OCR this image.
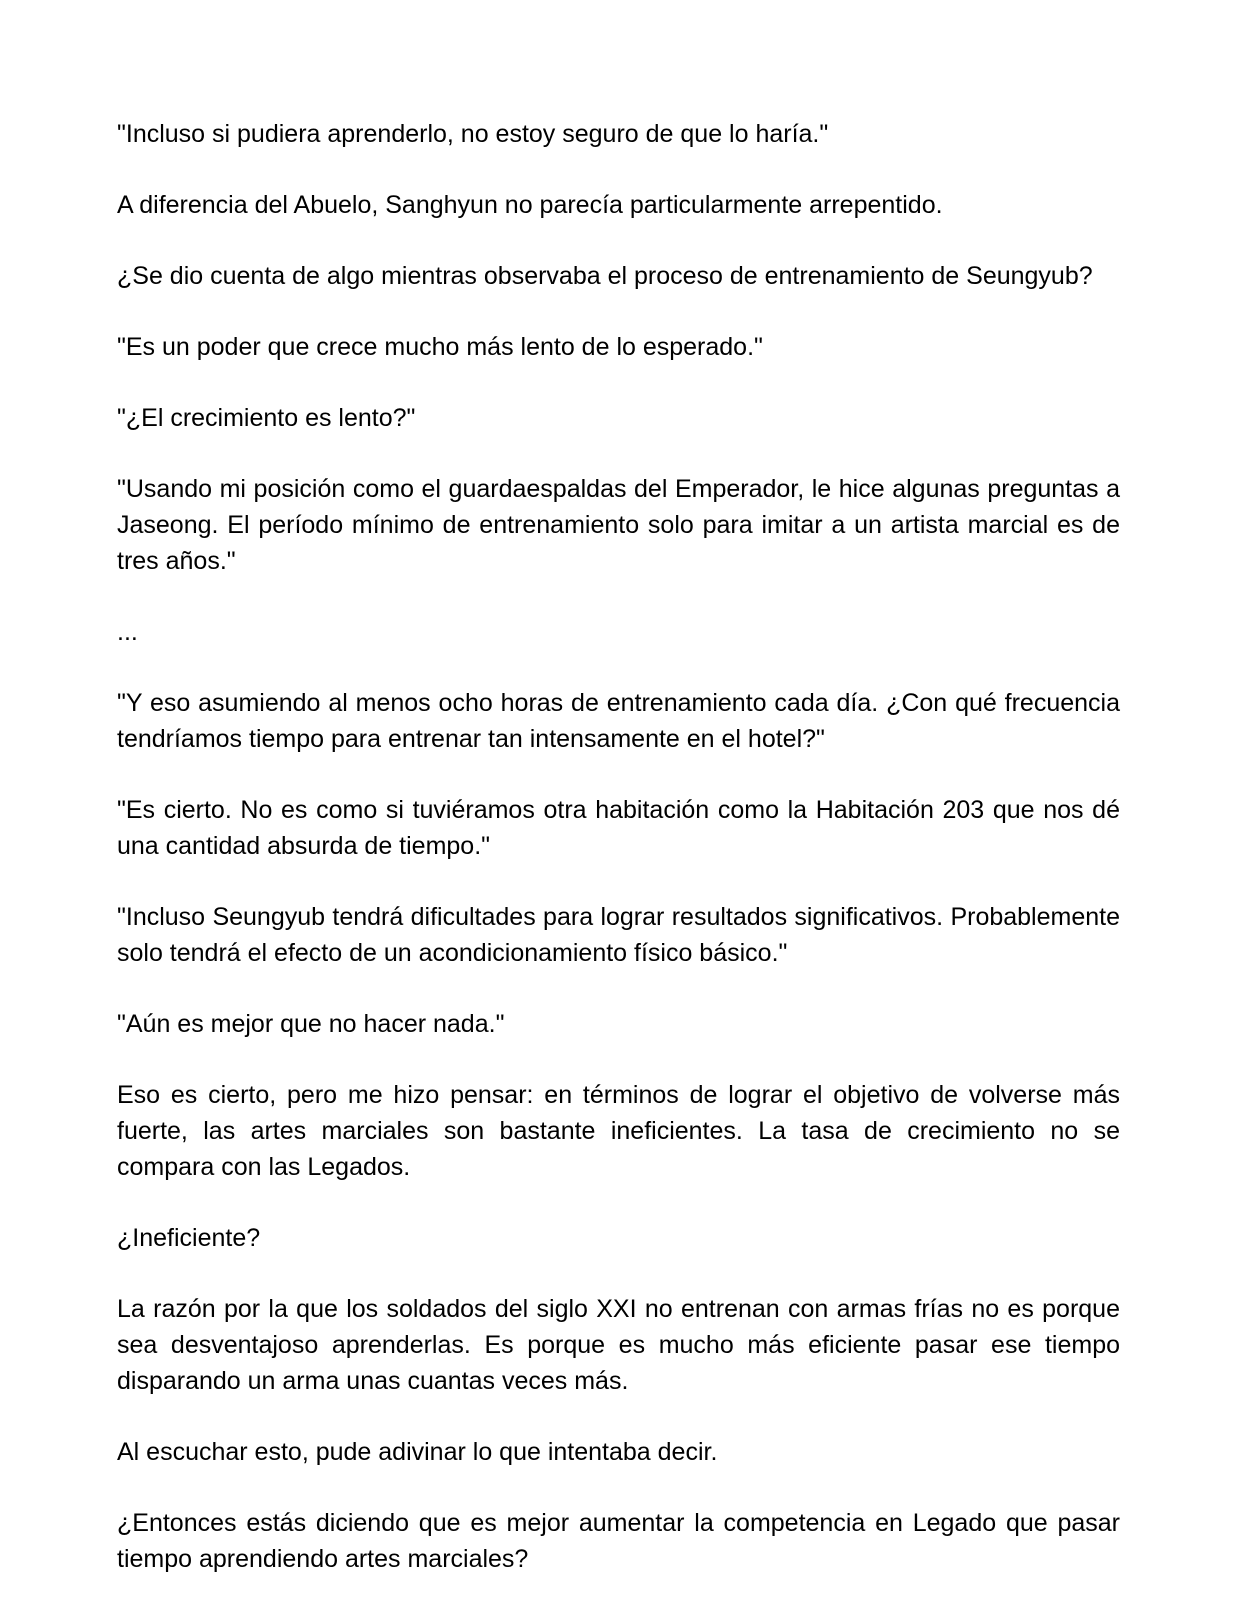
"Incluso si pudiera aprenderlo, no estoy seguro de que lo haría."

A diferencia del Abuelo, Sanghyun no parecía particularmente arrepentido.

¿Se dio cuenta de algo mientras observaba el proceso de entrenamiento de Seungyub?

"Es un poder que crece mucho más lento de lo esperado."

"¿El crecimiento es lento?"

"Usando mi posición como el guardaespaldas del Emperador, le hice algunas preguntas a Jaseong. El período mínimo de entrenamiento solo para imitar a un artista marcial es de tres años."

...

"Y eso asumiendo al menos ocho horas de entrenamiento cada día. ¿Con qué frecuencia tendríamos tiempo para entrenar tan intensamente en el hotel?"

"Es cierto. No es como si tuviéramos otra habitación como la Habitación 203 que nos dé una cantidad absurda de tiempo."

"Incluso Seungyub tendrá dificultades para lograr resultados significativos. Probablemente solo tendrá el efecto de un acondicionamiento físico básico."

"Aún es mejor que no hacer nada."

Eso es cierto, pero me hizo pensar: en términos de lograr el objetivo de volverse más fuerte, las artes marciales son bastante ineficientes. La tasa de crecimiento no se compara con las Legados.

¿Ineficiente?

La razón por la que los soldados del siglo XXI no entrenan con armas frías no es porque sea desventajoso aprenderlas. Es porque es mucho más eficiente pasar ese tiempo disparando un arma unas cuantas veces más.

Al escuchar esto, pude adivinar lo que intentaba decir.

¿Entonces estás diciendo que es mejor aumentar la competencia en Legado que pasar tiempo aprendiendo artes marciales?
